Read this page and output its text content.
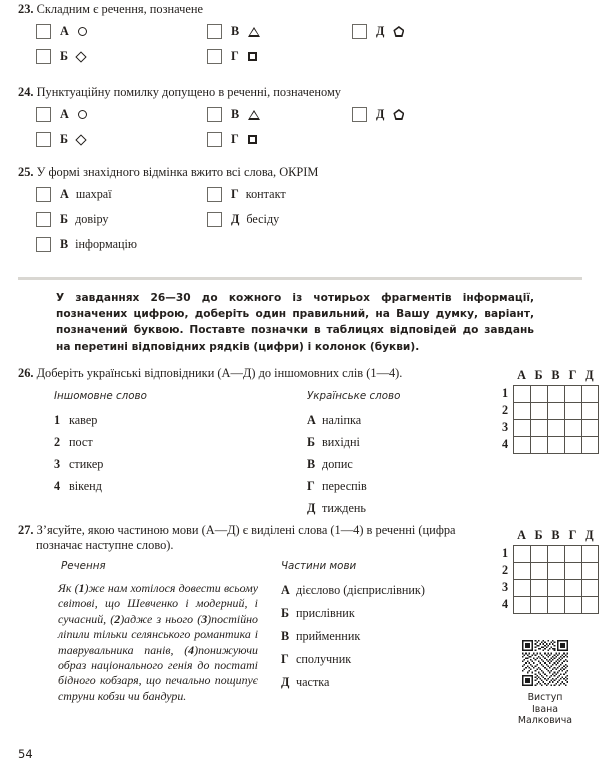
23. Складним є речення, позначене
А
Б
В
Г
Д
24. Пунктуаційну помилку допущено в реченні, позначеному
А
Б
В
Г
Д
25. У формі знахідного відмінка вжито всі слова, ОКРІМ
А шахраї
Б довіру
В інформацію
Г контакт
Д бесіду
У завданнях 26—30 до кожного із чотирьох фрагментів інформації, позначених цифрою, доберіть один правильний, на Вашу думку, варіант, позначений буквою. Поставте позначки в таблицях відповідей до завдань на перетині відповідних рядків (цифри) і колонок (букви).
26. Доберіть українські відповідники (А—Д) до іншомовних слів (1—4).
Іншомовне слово	Українське слово
1 кавер
2 пост
3 стикер
4 вікенд
А наліпка
Б вихідні
В допис
Г переспів
Д тиждень
А Б В Г Д
1
2
3
4
27. З’ясуйте, якою частиною мови (А—Д) є виділені слова (1—4) в реченні (цифра позначає наступне слово).
Речення	Частини мови
Як (1)же нам хотілося довести всьому світові, що Шевченко і модерний, і сучасний, (2)адже з нього (3)постійно ліпили тільки селянського романтика і таврувальника панів, (4)понижуючи образ національного генія до постаті бідного кобзаря, що печально пощипує струни кобзи чи бандури.
А дієслово (дієприслівник)
Б прислівник
В прийменник
Г сполучник
Д частка
А Б В Г Д
1
2
3
4
Виступ
Івана
Малковича
54
